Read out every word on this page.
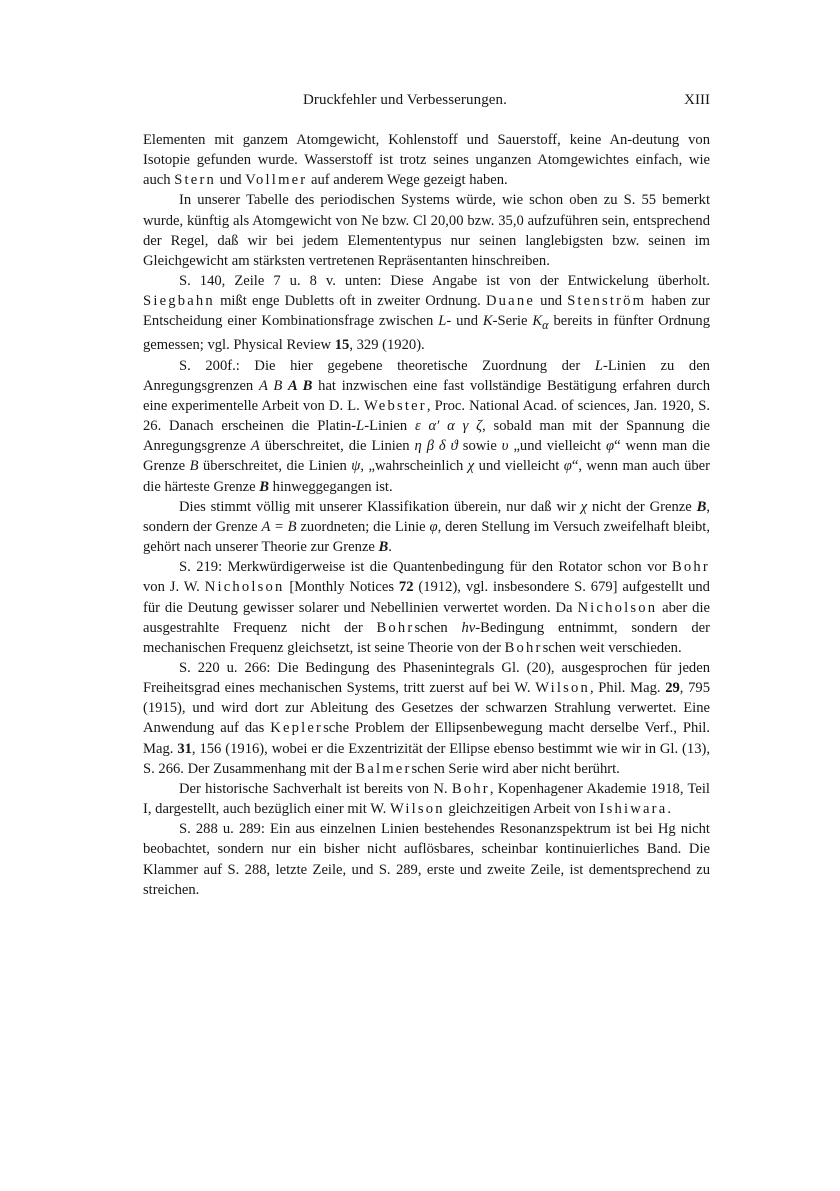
Druckfehler und Verbesserungen.	XIII

Elementen mit ganzem Atomgewicht, Kohlenstoff und Sauerstoff, keine An-deutung von Isotopie gefunden wurde. Wasserstoff ist trotz seines unganzen Atomgewichtes einfach, wie auch Stern und Vollmer auf anderem Wege gezeigt haben.

In unserer Tabelle des periodischen Systems würde, wie schon oben zu S. 55 bemerkt wurde, künftig als Atomgewicht von Ne bzw. Cl 20,00 bzw. 35,0 aufzuführen sein, entsprechend der Regel, daß wir bei jedem Elemententypus nur seinen langlebigsten bzw. seinen im Gleichgewicht am stärksten vertretenen Repräsentanten hinschreiben.

S. 140, Zeile 7 u. 8 v. unten: Diese Angabe ist von der Entwickelung überholt. Siegbahn mißt enge Dubletts oft in zweiter Ordnung. Duane und Stenström haben zur Entscheidung einer Kombinationsfrage zwischen L- und K-Serie $K_\alpha$ bereits in fünfter Ordnung gemessen; vgl. Physical Review 15, 329 (1920).

S. 200f.: Die hier gegebene theoretische Zuordnung der L-Linien zu den Anregungsgrenzen A B A B hat inzwischen eine fast vollständige Bestätigung erfahren durch eine experimentelle Arbeit von D. L. Webster, Proc. National Acad. of sciences, Jan. 1920, S. 26. Danach erscheinen die Platin-L-Linien ε α′ α γ ζ, sobald man mit der Spannung die Anregungsgrenze A überschreitet, die Linien η β δ ϑ sowie υ „und vielleicht φ“ wenn man die Grenze B überschreitet, die Linien ψ, „wahrscheinlich χ und vielleicht φ“, wenn man auch über die härteste Grenze B hinweggegangen ist.

Dies stimmt völlig mit unserer Klassifikation überein, nur daß wir χ nicht der Grenze B, sondern der Grenze A = B zuordneten; die Linie φ, deren Stellung im Versuch zweifelhaft bleibt, gehört nach unserer Theorie zur Grenze B.

S. 219: Merkwürdigerweise ist die Quantenbedingung für den Rotator schon vor Bohr von J. W. Nicholson [Monthly Notices 72 (1912), vgl. insbesondere S. 679] aufgestellt und für die Deutung gewisser solarer und Nebellinien verwertet worden. Da Nicholson aber die ausgestrahlte Frequenz nicht der Bohrschen hν-Bedingung entnimmt, sondern der mechanischen Frequenz gleichsetzt, ist seine Theorie von der Bohrschen weit verschieden.

S. 220 u. 266: Die Bedingung des Phasenintegrals Gl. (20), ausgesprochen für jeden Freiheitsgrad eines mechanischen Systems, tritt zuerst auf bei W. Wilson, Phil. Mag. 29, 795 (1915), und wird dort zur Ableitung des Gesetzes der schwarzen Strahlung verwertet. Eine Anwendung auf das Keplersche Problem der Ellipsenbewegung macht derselbe Verf., Phil. Mag. 31, 156 (1916), wobei er die Exzentrizität der Ellipse ebenso bestimmt wie wir in Gl. (13), S. 266. Der Zusammenhang mit der Balmerschen Serie wird aber nicht berührt.

Der historische Sachverhalt ist bereits von N. Bohr, Kopenhagener Akademie 1918, Teil I, dargestellt, auch bezüglich einer mit W. Wilson gleichzeitigen Arbeit von Ishiwara.

S. 288 u. 289: Ein aus einzelnen Linien bestehendes Resonanzspektrum ist bei Hg nicht beobachtet, sondern nur ein bisher nicht auflösbares, scheinbar kontinuierliches Band. Die Klammer auf S. 288, letzte Zeile, und S. 289, erste und zweite Zeile, ist dementsprechend zu streichen.
